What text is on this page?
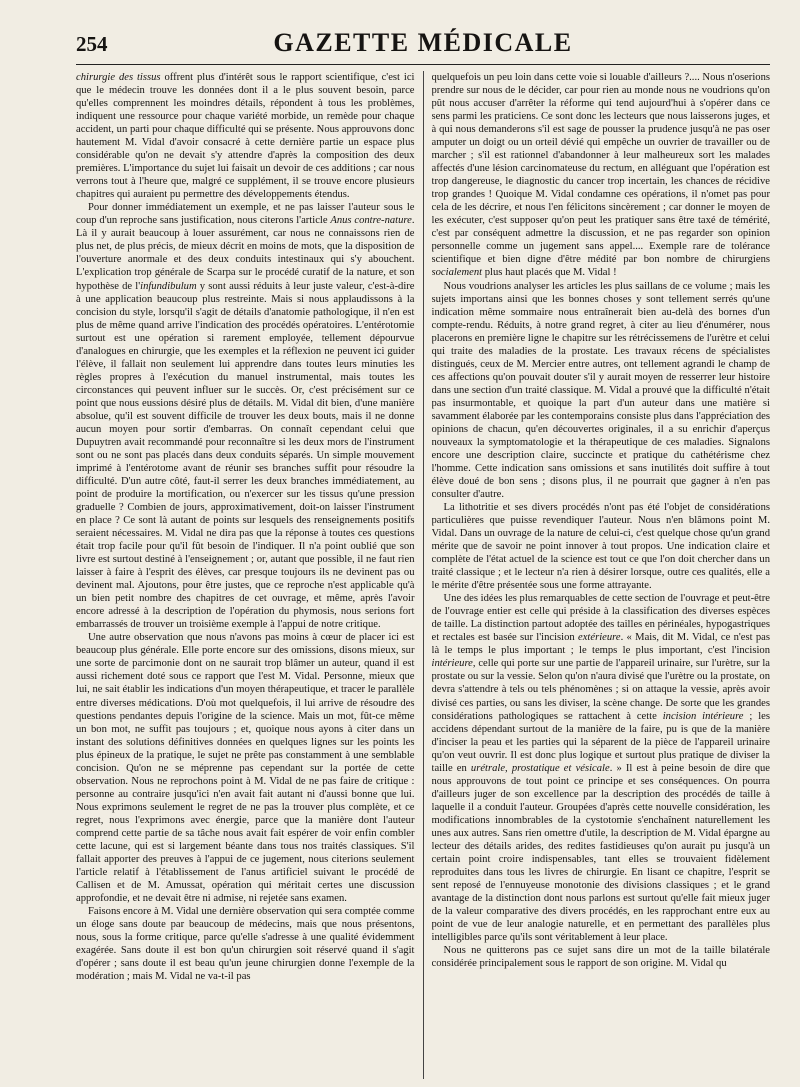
254	GAZETTE MÉDICALE

chirurgie des tissus offrent plus d'intérêt sous le rapport scientifique, c'est ici que le médecin trouve les données dont il a le plus souvent besoin, parce qu'elles comprennent les moindres détails, répondent à tous les problèmes, indiquent une ressource pour chaque variété morbide, un remède pour chaque accident, un parti pour chaque difficulté qui se présente. Nous approuvons donc hautement M. Vidal d'avoir consacré à cette dernière partie un espace plus considérable qu'on ne devait s'y attendre d'après la composition des deux premières. L'importance du sujet lui faisait un devoir de ces additions ; car nous verrons tout à l'heure que, malgré ce supplément, il se trouve encore plusieurs chapitres qui auraient pu permettre des développements étendus.

Pour donner immédiatement un exemple, et ne pas laisser l'auteur sous le coup d'un reproche sans justification, nous citerons l'article Anus contre-nature. Là il y aurait beaucoup à louer assurément, car nous ne connaissons rien de plus net, de plus précis, de mieux décrit en moins de mots, que la disposition de l'ouverture anormale et des deux conduits intestinaux qui s'y abouchent. L'explication trop générale de Scarpa sur le procédé curatif de la nature, et son hypothèse de l'infundibulum y sont aussi réduits à leur juste valeur, c'est-à-dire à une application beaucoup plus restreinte. Mais si nous applaudissons à la concision du style, lorsqu'il s'agit de détails d'anatomie pathologique, il n'en est plus de même quand arrive l'indication des procédés opératoires. L'entérotomie surtout est une opération si rarement employée, tellement dépourvue d'analogues en chirurgie, que les exemples et la réflexion ne peuvent ici guider l'élève, il fallait non seulement lui apprendre dans toutes leurs minuties les règles propres à l'exécution du manuel instrumental, mais toutes les circonstances qui peuvent influer sur le succès. Or, c'est précisément sur ce point que nous eussions désiré plus de détails. M. Vidal dit bien, d'une manière absolue, qu'il est souvent difficile de trouver les deux bouts, mais il ne donne aucun moyen pour sortir d'embarras. On connaît cependant celui que Dupuytren avait recommandé pour reconnaître si les deux mors de l'instrument sont ou ne sont pas placés dans deux conduits séparés. Un simple mouvement imprimé à l'entérotome avant de réunir ses branches suffit pour résoudre la difficulté. D'un autre côté, faut-il serrer les deux branches immédiatement, au point de produire la mortification, ou n'exercer sur les tissus qu'une pression graduelle ? Combien de jours, approximativement, doit-on laisser l'instrument en place ? Ce sont là autant de points sur lesquels des renseignements positifs seraient nécessaires. M. Vidal ne dira pas que la réponse à toutes ces questions était trop facile pour qu'il fût besoin de l'indiquer. Il n'a point oublié que son livre est surtout destiné à l'enseignement ; or, autant que possible, il ne faut rien laisser à faire à l'esprit des élèves, car presque toujours ils ne devinent pas ou devinent mal. Ajoutons, pour être justes, que ce reproche n'est applicable qu'à un bien petit nombre des chapitres de cet ouvrage, et même, après l'avoir encore adressé à la description de l'opération du phymosis, nous serions fort embarrassés de trouver un troisième exemple à l'appui de notre critique.

Une autre observation que nous n'avons pas moins à cœur de placer ici est beaucoup plus générale. Elle porte encore sur des omissions, disons mieux, sur une sorte de parcimonie dont on ne saurait trop blâmer un auteur, quand il est aussi richement doté sous ce rapport que l'est M. Vidal. Personne, mieux que lui, ne sait établir les indications d'un moyen thérapeutique, et tracer le parallèle entre diverses médications. D'où mot quelquefois, il lui arrive de résoudre des questions pendantes depuis l'origine de la science. Mais un mot, fût-ce même un bon mot, ne suffit pas toujours ; et, quoique nous ayons à citer dans un instant des solutions définitives données en quelques lignes sur les points les plus épineux de la pratique, le sujet ne prête pas constamment à une semblable concision. Qu'on ne se méprenne pas cependant sur la portée de cette observation. Nous ne reprochons point à M. Vidal de ne pas faire de critique : personne au contraire jusqu'ici n'en avait fait autant ni d'aussi bonne que lui. Nous exprimons seulement le regret de ne pas la trouver plus complète, et ce regret, nous l'exprimons avec énergie, parce que la manière dont l'auteur comprend cette partie de sa tâche nous avait fait espérer de voir enfin combler cette lacune, qui est si largement béante dans tous nos traités classiques. S'il fallait apporter des preuves à l'appui de ce jugement, nous citerions seulement l'article relatif à l'établissement de l'anus artificiel suivant le procédé de Callisen et de M. Amussat, opération qui méritait certes une discussion approfondie, et ne devait être ni admise, ni rejetée sans examen.

Faisons encore à M. Vidal une dernière observation qui sera comptée comme un éloge sans doute par beaucoup de médecins, mais que nous présentons, nous, sous la forme critique, parce qu'elle s'adresse à une qualité évidemment exagérée. Sans doute il est bon qu'un chirurgien soit réservé quand il s'agit d'opérer ; sans doute il est beau qu'un jeune chirurgien donne l'exemple de la modération ; mais M. Vidal ne va-t-il pas

quelquefois un peu loin dans cette voie si louable d'ailleurs ?.... Nous n'oserions prendre sur nous de le décider, car pour rien au monde nous ne voudrions qu'on pût nous accuser d'arrêter la réforme qui tend aujourd'hui à s'opérer dans ce sens parmi les praticiens. Ce sont donc les lecteurs que nous laisserons juges, et à qui nous demanderons s'il est sage de pousser la prudence jusqu'à ne pas oser amputer un doigt ou un orteil dévié qui empêche un ouvrier de travailler ou de marcher ; s'il est rationnel d'abandonner à leur malheureux sort les malades affectés d'une lésion carcinomateuse du rectum, en alléguant que l'opération est trop dangereuse, le diagnostic du cancer trop incertain, les chances de récidive trop grandes ! Quoique M. Vidal condamne ces opérations, il n'omet pas pour cela de les décrire, et nous l'en félicitons sincèrement ; car donner le moyen de les exécuter, c'est supposer qu'on peut les pratiquer sans être taxé de témérité, c'est par conséquent admettre la discussion, et ne pas regarder son opinion personnelle comme un jugement sans appel.... Exemple rare de tolérance scientifique et bien digne d'être médité par bon nombre de chirurgiens socialement plus haut placés que M. Vidal !

Nous voudrions analyser les articles les plus saillans de ce volume ; mais les sujets importans ainsi que les bonnes choses y sont tellement serrés qu'une indication même sommaire nous entraînerait bien au-delà des bornes d'un compte-rendu. Réduits, à notre grand regret, à citer au lieu d'énumérer, nous placerons en première ligne le chapitre sur les rétrécissemens de l'urètre et celui qui traite des maladies de la prostate. Les travaux récens de spécialistes distingués, ceux de M. Mercier entre autres, ont tellement agrandi le champ de ces affections qu'on pouvait douter s'il y aurait moyen de resserrer leur histoire dans une section d'un traité classique. M. Vidal a prouvé que la difficulté n'était pas insurmontable, et quoique la part d'un auteur dans une matière si savamment élaborée par les contemporains consiste plus dans l'appréciation des opinions de chacun, qu'en découvertes originales, il a su enrichir d'aperçus nouveaux la symptomatologie et la thérapeutique de ces maladies. Signalons encore une description claire, succincte et pratique du cathétérisme chez l'homme. Cette indication sans omissions et sans inutilités doit suffire à tout élève doué de bon sens ; disons plus, il ne pourrait que gagner à n'en pas consulter d'autre.

La lithotritie et ses divers procédés n'ont pas été l'objet de considérations particulières que puisse revendiquer l'auteur. Nous n'en blâmons point M. Vidal. Dans un ouvrage de la nature de celui-ci, c'est quelque chose qu'un grand mérite que de savoir ne point innover à tout propos. Une indication claire et complète de l'état actuel de la science est tout ce que l'on doit chercher dans un traité classique ; et le lecteur n'a rien à désirer lorsque, outre ces qualités, elle a le mérite d'être présentée sous une forme attrayante.

Une des idées les plus remarquables de cette section de l'ouvrage et peut-être de l'ouvrage entier est celle qui préside à la classification des diverses espèces de taille. La distinction partout adoptée des tailles en périnéales, hypogastriques et rectales est basée sur l'incision extérieure. « Mais, dit M. Vidal, ce n'est pas là le temps le plus important ; le temps le plus important, c'est l'incision intérieure, celle qui porte sur une partie de l'appareil urinaire, sur l'urètre, sur la prostate ou sur la vessie. Selon qu'on n'aura divisé que l'urètre ou la prostate, on devra s'attendre à tels ou tels phénomènes ; si on attaque la vessie, après avoir divisé ces parties, ou sans les diviser, la scène change. De sorte que les grandes considérations pathologiques se rattachent à cette incision intérieure ; les accidens dépendant surtout de la manière de la faire, pu is que de la manière d'inciser la peau et les parties qui la séparent de la pièce de l'appareil urinaire qu'on veut ouvrir. Il est donc plus logique et surtout plus pratique de diviser la taille en urétrale, prostatique et vésicale. » Il est à peine besoin de dire que nous approuvons de tout point ce principe et ses conséquences. On pourra d'ailleurs juger de son excellence par la description des procédés de taille à laquelle il a conduit l'auteur. Groupées d'après cette nouvelle considération, les modifications innombrables de la cystotomie s'enchaînent naturellement les unes aux autres. Sans rien omettre d'utile, la description de M. Vidal épargne au lecteur des détails arides, des redites fastidieuses qu'on aurait pu jusqu'à un certain point croire indispensables, tant elles se trouvaient fidèlement reproduites dans tous les livres de chirurgie. En lisant ce chapitre, l'esprit se sent reposé de l'ennuyeuse monotonie des divisions classiques ; et le grand avantage de la distinction dont nous parlons est surtout qu'elle fait mieux juger de la valeur comparative des divers procédés, en les rapprochant entre eux au point de vue de leur analogie naturelle, et en permettant des parallèles plus intelligibles parce qu'ils sont véritablement à leur place.

Nous ne quitterons pas ce sujet sans dire un mot de la taille bilatérale considérée principalement sous le rapport de son origine. M. Vidal qu
